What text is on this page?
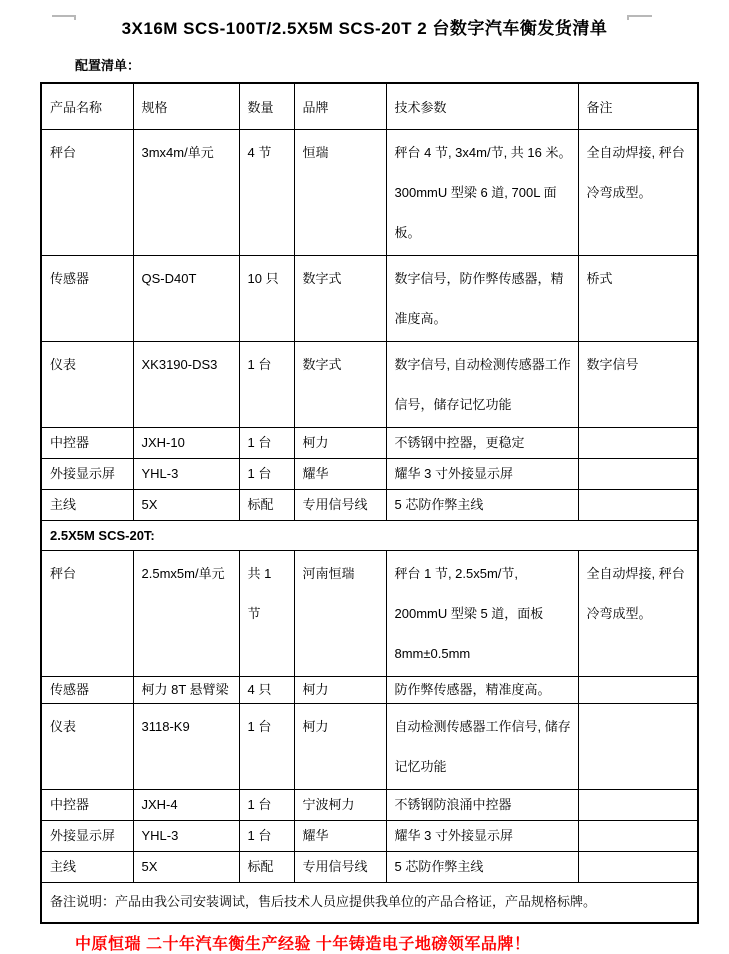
3X16M SCS-100T/2.5X5M SCS-20T 2 台数字汽车衡发货清单
配置清单：
产品名称	规格	数量	品牌	技术参数	备注
秤台	3mx4m/单元	4 节	恒瑞	秤台 4 节, 3x4m/节, 共 16 米。300mmU 型梁 6 道, 700L 面板。	全自动焊接, 秤台冷弯成型。
传感器	QS-D40T	10 只	数字式	数字信号，防作弊传感器，精准度高。	桥式
仪表	XK3190-DS3	1 台	数字式	数字信号, 自动检测传感器工作信号，储存记忆功能	数字信号
中控器	JXH-10	1 台	柯力	不锈钢中控器，更稳定	
外接显示屏	YHL-3	1 台	耀华	耀华 3 寸外接显示屏	
主线	5X	标配	专用信号线	5 芯防作弊主线	
2.5X5M SCS-20T:					
秤台	2.5mx5m/单元	共 1 节	河南恒瑞	秤台 1 节, 2.5x5m/节, 200mmU 型梁 5 道，面板 8mm±0.5mm	全自动焊接, 秤台冷弯成型。
传感器	柯力 8T 悬臂梁	4 只	柯力	防作弊传感器，精准度高。	
仪表	3118-K9	1 台	柯力	自动检测传感器工作信号, 储存记忆功能	
中控器	JXH-4	1 台	宁波柯力	不锈钢防浪涌中控器	
外接显示屏	YHL-3	1 台	耀华	耀华 3 寸外接显示屏	
主线	5X	标配	专用信号线	5 芯防作弊主线	
备注说明：产品由我公司安装调试，售后技术人员应提供我单位的产品合格证，产品规格标牌。					
中原恒瑞 二十年汽车衡生产经验 十年铸造电子地磅领军品牌！
